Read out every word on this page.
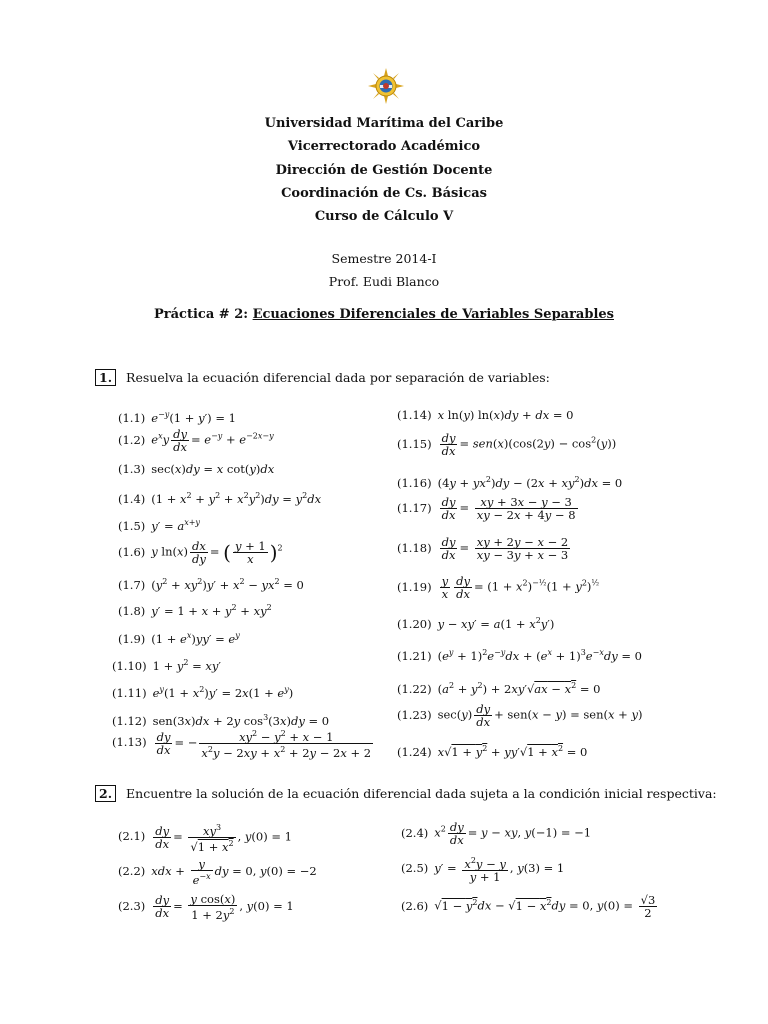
Universidad Marítima del Caribe
Vicerrectorado Académico
Dirección de Gestión Docente
Coordinación de Cs. Básicas
Curso de Cálculo V
Semestre 2014-I
Prof. Eudi Blanco
Práctica # 2: Ecuaciones Diferenciales de Variables Separables
1. Resuelva la ecuación diferencial dada por separación de variables:
(1.1) $e^{-y}(1 + y') = 1$
(1.2) $e^xy \frac{dy}{dx} = e^{-y} + e^{-2x-y}$
(1.3) sec(x)dy = x cot(y)dx
(1.4) $(1 + x^2 + y^2 + x^2y^2)dy = y^2dx$
(1.5) $y' = a^{x+y}$
(1.6) y $\ln(x) \frac{dx}{dy}$ = ( $\frac{y + 1}{x} )^2$
(1.7) $(y^2 + xy^2)y' + x^2 - yx^2 = 0$
(1.8) $y' = 1 + x + y^2 + xy^2$
(1.9) $(1 + e^x)yy' = e^y$
(1.10) $1 + y^2 = xy'$
(1.11) $e^y(1 + x^2)y' = 2x(1 + e^y)$
(1.12) sen(3x)dx + 2y $\cos^3(3x)dy = 0$
$(1.13) \frac{dy}{dx}$ = − $\frac{xy^2 - y^2 + x - 1}{x^2y - 2xy + x^2 + 2y - 2x + 2}$
(1.14) x ln(y) ln(x)dy + dx = 0
$(1.15) \frac{dy}{dx} = sen(x)(\cos(2y) - \cos^2(y))$
(1.16) $(4y + yx^2)dy - (2x + xy^2)dx = 0$
$(1.17) \frac{dy}{dx} = \frac{xy + 3x - y - 3}{xy - 2x + 4y - 8}$
$(1.18) \frac{dy}{dx} = \frac{xy + 2y - x - 2}{xy - 3y + x - 3}$
$(1.19) \frac{y}{x} \frac{dy}{dx} = (1 + x^2)^{-\frac{1}{2}}(1 + y^2)^{\frac{1}{2}}$
(1.20) $y - xy' = a(1 + x^2y')$
(1.21) $(e^y + 1)^2e^{-y}dx + (e^x + 1)^3e^{-x}dy = 0$
(1.22) $(a^2 + y^2) + 2xy'√ax - x^2 = 0$
(1.23) $\sec(y) \frac{dy}{dx} + sen(x - y) = sen(x + y)$
(1.24) $x√1 + y^2 + yy'√1 + x^2 = 0$
2. Encuentre la solución de la ecuación diferencial dada sujeta a la condición inicial respectiva:
$(2.1) \frac{dy}{dx} = \frac{xy^3}{√1 + x^2}$ , y(0) = 1
(2.2) xdx + $\frac{y}{e^{-x}}$ dy = 0, y(0) = −2
$(2.3) \frac{dy}{dx} = \frac{\text{y cos(x)}}{1 + 2y^2}$ , y(0) = 1
(2.4) $x^2 \frac{dy}{dx} = y$ − xy, y(−1) = −1
(2.5) $y' = \frac{x^2y - y}{y + 1}$ , y(3) = 1
(2.6) $√1 - y^2dx - √1 - x^2dy = 0$, $y(0) = \frac{√3}{2}$
